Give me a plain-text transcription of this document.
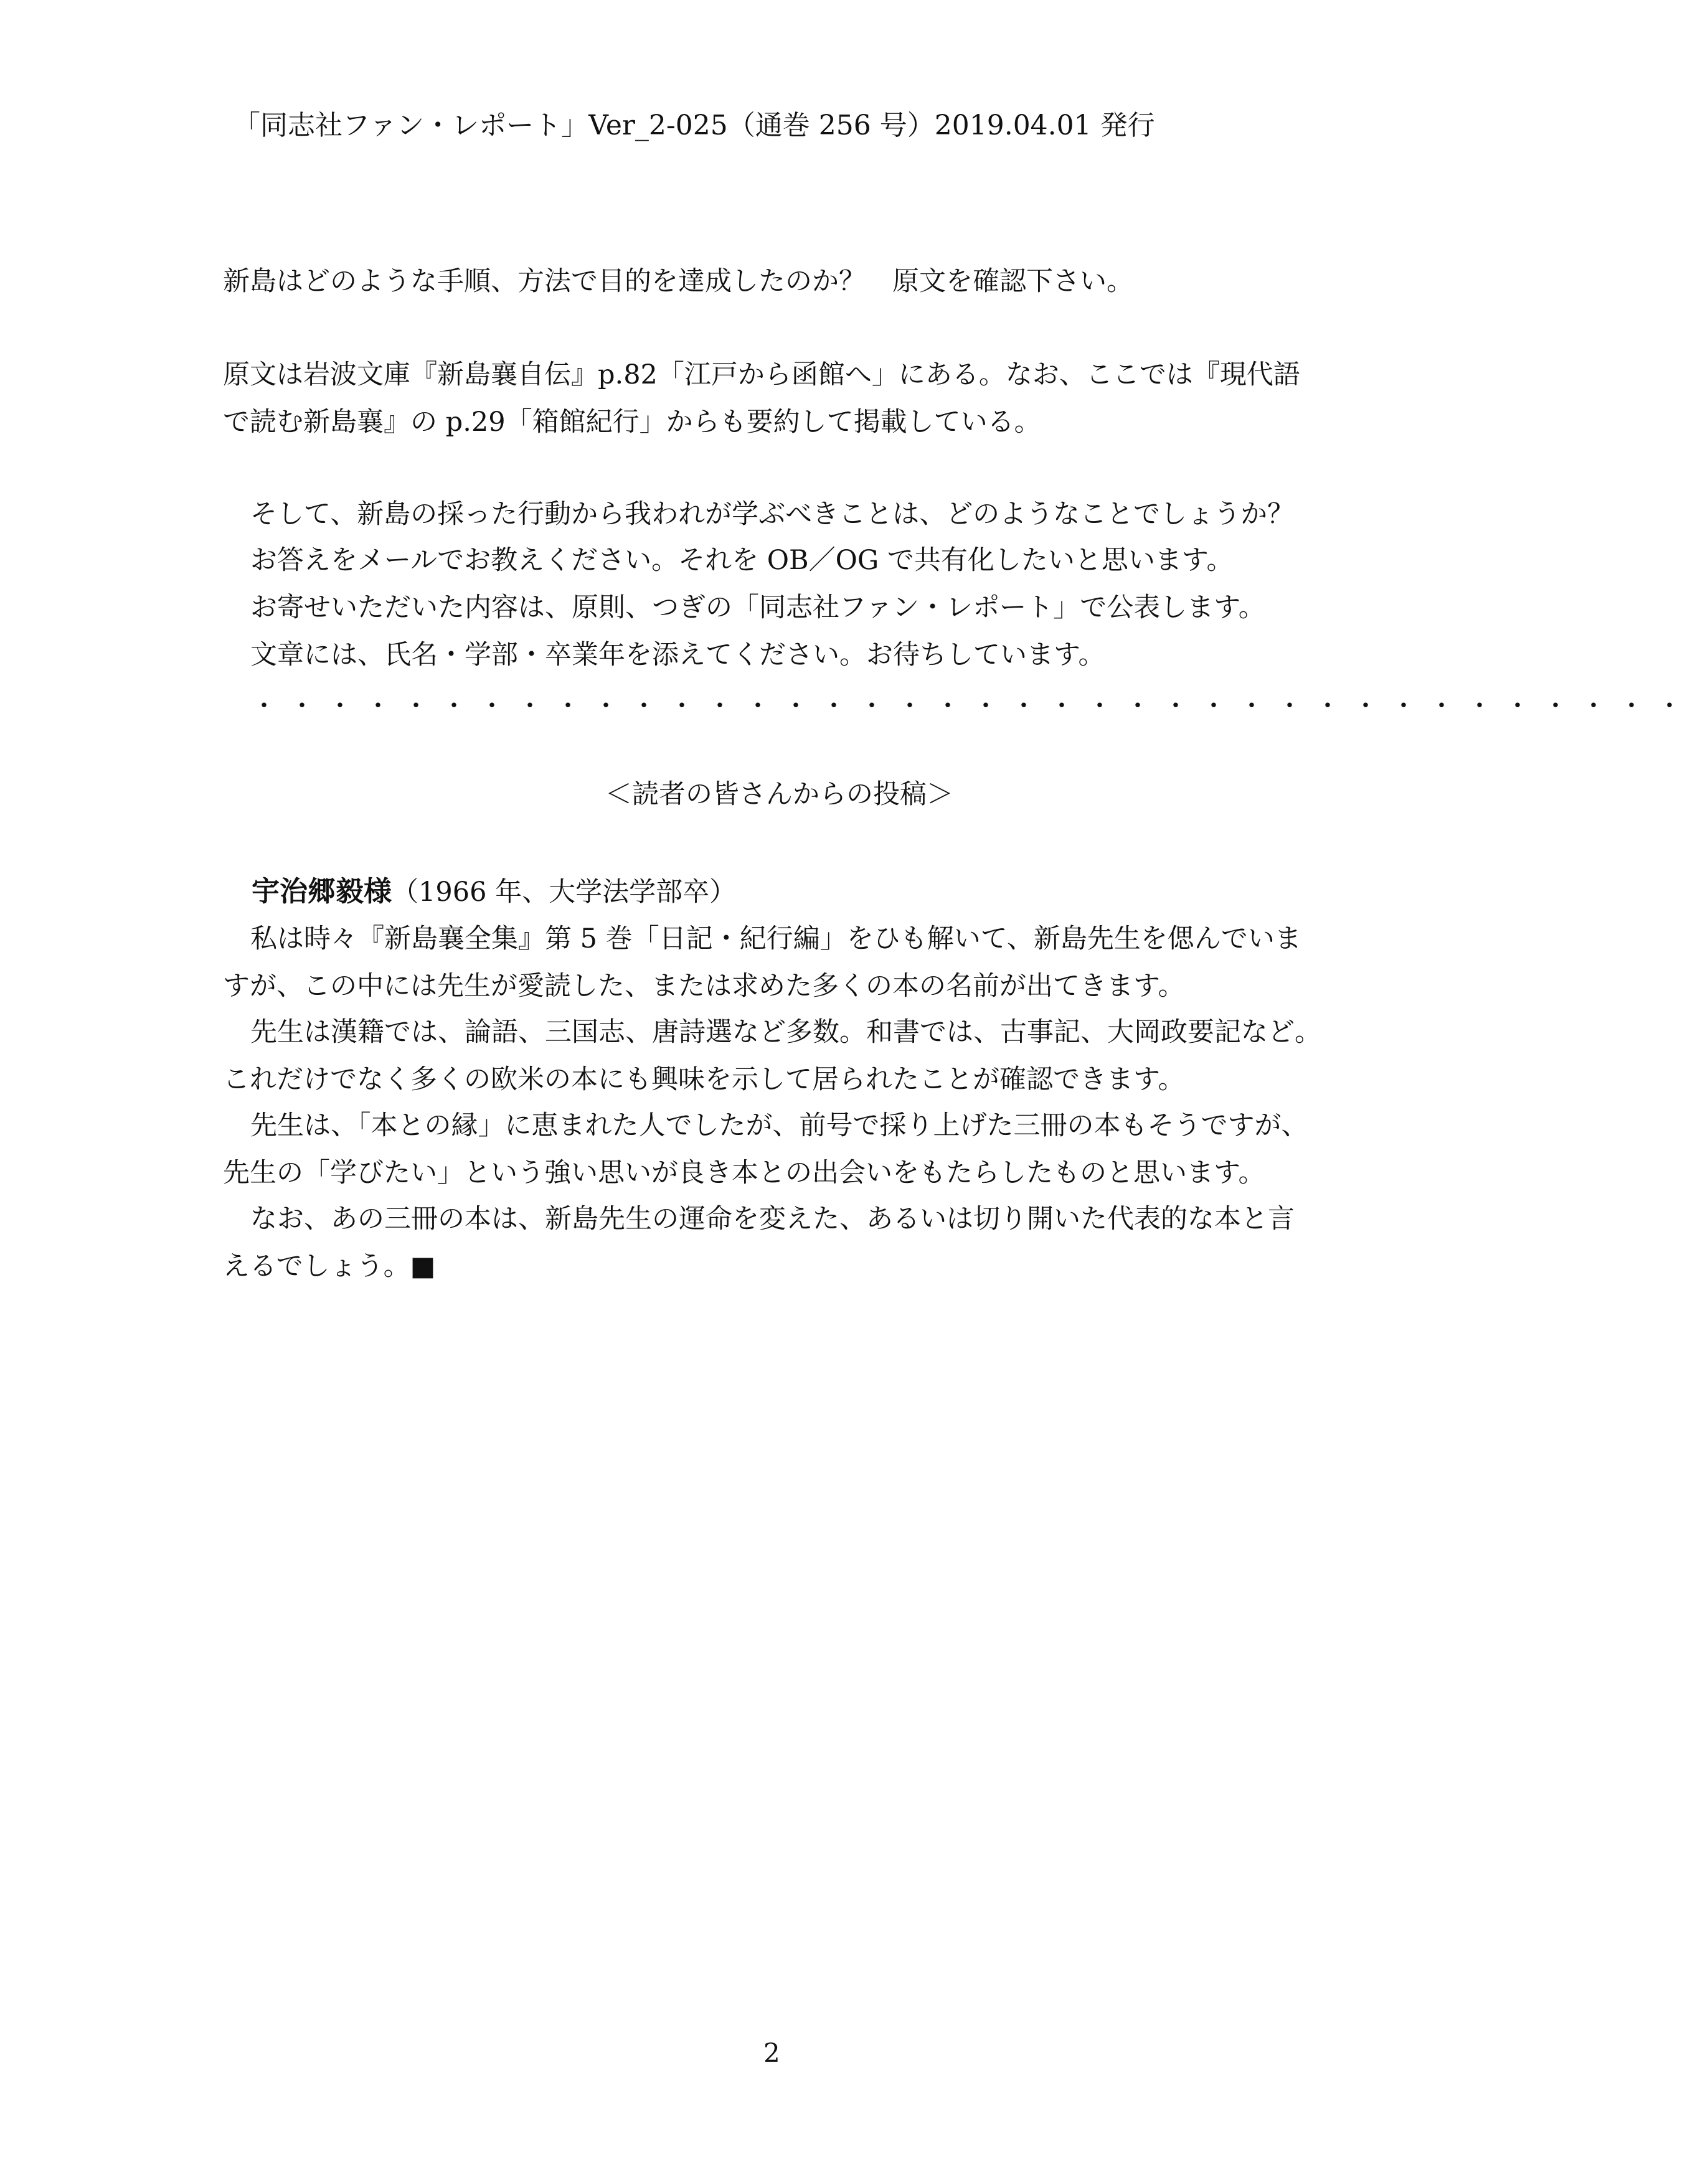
「同志社ファン・レポート」Ver_2-025（通巻 256 号）2019.04.01 発行
新島はどのような手順、方法で目的を達成したのか？　原文を確認下さい。
原文は岩波文庫『新島襄自伝』p.82「江戸から函館へ」にある。なお、ここでは『現代語
で読む新島襄』の p.29「箱館紀行」からも要約して掲載している。
そして、新島の採った行動から我われが学ぶべきことは、どのようなことでしょうか？
お答えをメールでお教えください。それを OB／OG で共有化したいと思います。
お寄せいただいた内容は、原則、つぎの「同志社ファン・レポート」で公表します。
文章には、氏名・学部・卒業年を添えてください。お待ちしています。
・・・・・・・・・・・・・・・・・・・・・・・・・・・・・・・・・・・・・・
＜読者の皆さんからの投稿＞
宇治郷毅様（1966 年、大学法学部卒）
私は時々『新島襄全集』第 5 巻「日記・紀行編」をひも解いて、新島先生を偲んでいま
すが、この中には先生が愛読した、または求めた多くの本の名前が出てきます。
先生は漢籍では、論語、三国志、唐詩選など多数。和書では、古事記、大岡政要記など。
これだけでなく多くの欧米の本にも興味を示して居られたことが確認できます。
先生は、「本との縁」に恵まれた人でしたが、前号で採り上げた三冊の本もそうですが、
先生の「学びたい」という強い思いが良き本との出会いをもたらしたものと思います。
なお、あの三冊の本は、新島先生の運命を変えた、あるいは切り開いた代表的な本と言
えるでしょう。■
2
